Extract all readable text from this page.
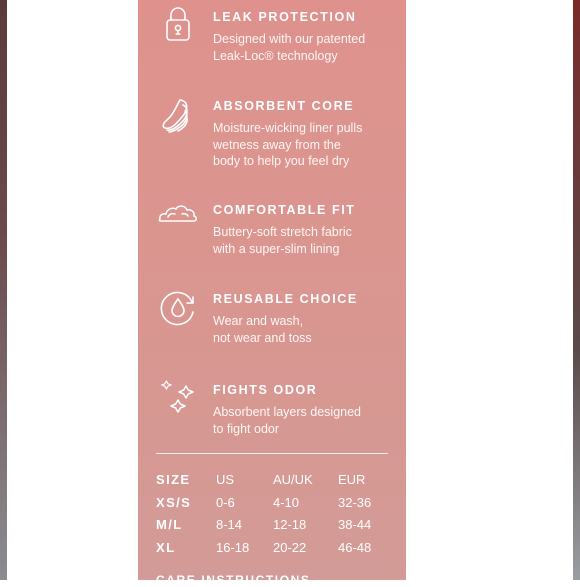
LEAK PROTECTION
Designed with our patented
Leak-Loc® technology
ABSORBENT CORE
Moisture-wicking liner pulls
wetness away from the
body to help you feel dry
COMFORTABLE FIT
Buttery-soft stretch fabric
with a super-slim lining
REUSABLE CHOICE
Wear and wash,
not wear and toss
FIGHTS ODOR
Absorbent layers designed
to fight odor
SIZE US	AU/UK EUR
XS/S 0-6	4-10	32-36
M/L	8-14 12-18 38-44
XL	16-18 20-22 46-48
CARE INSTRUCTIONS
